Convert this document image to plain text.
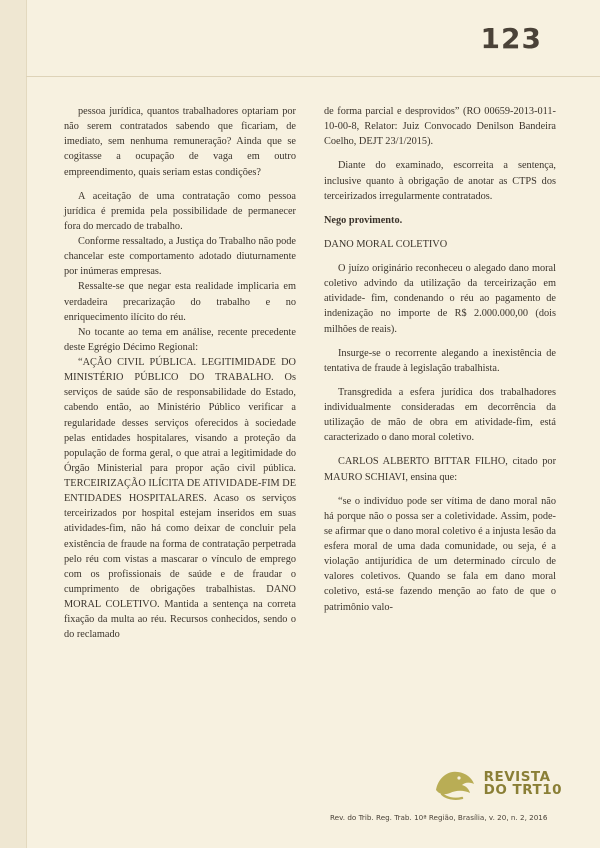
123

pessoa jurídica, quantos trabalhadores optariam por não serem contratados sabendo que ficariam, de imediato, sem nenhuma remuneração? Ainda que se cogitasse a ocupação de vaga em outro empreendimento, quais seriam estas condições?

A aceitação de uma contratação como pessoa jurídica é premida pela possibilidade de permanecer fora do mercado de trabalho.

Conforme ressaltado, a Justiça do Trabalho não pode chancelar este comportamento adotado diuturnamente por inúmeras empresas.

Ressalte-se que negar esta realidade implicaria em verdadeira precarização do trabalho e no enriquecimento ilícito do réu.

No tocante ao tema em análise, recente precedente deste Egrégio Décimo Regional:

“AÇÃO CIVIL PÚBLICA. LEGITIMIDADE DO MINISTÉRIO PÚBLICO DO TRABALHO. Os serviços de saúde são de responsabilidade do Estado, cabendo então, ao Ministério Público verificar a regularidade desses serviços oferecidos à sociedade pelas entidades hospitalares, visando a proteção da população de forma geral, o que atrai a legitimidade do Órgão Ministerial para propor ação civil pública. TERCEIRIZAÇÃO ILÍCITA DE ATIVIDADE-FIM DE ENTIDADES HOSPITALARES. Acaso os serviços terceirizados por hospital estejam inseridos em suas atividades-fim, não há como deixar de concluir pela existência de fraude na forma de contratação perpetrada pelo réu com vistas a mascarar o vínculo de emprego com os profissionais de saúde e de fraudar o cumprimento de obrigações trabalhistas. DANO MORAL COLETIVO. Mantida a sentença na correta fixação da multa ao réu. Recursos conhecidos, sendo o do reclamado

de forma parcial e desprovidos” (RO 00659-2013-011-10-00-8, Relator: Juiz Convocado Denilson Bandeira Coelho, DEJT 23/1/2015).

Diante do examinado, escorreita a sentença, inclusive quanto à obrigação de anotar as CTPS dos terceirizados irregularmente contratados.

Nego provimento.

DANO MORAL COLETIVO

O juízo originário reconheceu o alegado dano moral coletivo advindo da utilização da terceirização em atividade- fim, condenando o réu ao pagamento de indenização no importe de R$ 2.000.000,00 (dois milhões de reais).

Insurge-se o recorrente alegando a inexistência de tentativa de fraude à legislação trabalhista.

Transgredida a esfera jurídica dos trabalhadores individualmente consideradas em decorrência da utilização de mão de obra em atividade-fim, está caracterizado o dano moral coletivo.

CARLOS ALBERTO BITTAR FILHO, citado por MAURO SCHIAVI, ensina que:

“se o indivíduo pode ser vítima de dano moral não há porque não o possa ser a coletividade. Assim, pode-se afirmar que o dano moral coletivo é a injusta lesão da esfera moral de uma dada comunidade, ou seja, é a violação antijurídica de um determinado círculo de valores coletivos. Quando se fala em dano moral coletivo, está-se fazendo menção ao fato de que o patrimônio valo-

REVISTA
DO TRT10
Rev. do Trib. Reg. Trab. 10ª Região, Brasília, v. 20, n. 2, 2016
